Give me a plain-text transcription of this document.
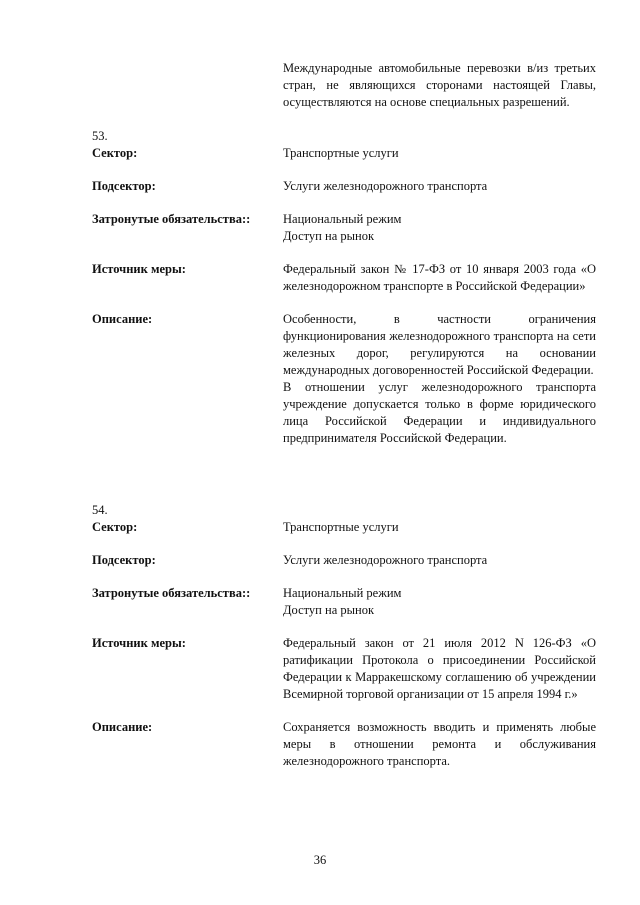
Международные автомобильные перевозки в/из третьих стран, не являющихся сторонами настоящей Главы, осуществляются на основе специальных разрешений.
53.
Сектор:	Транспортные услуги

Подсектор:	Услуги железнодорожного транспорта

Затронутые обязательства::	Национальный режим

Доступ на рынок

Источник меры:	Федеральный закон № 17-ФЗ от 10 января 2003 года «О железнодорожном транспорте в Российской Федерации»

Описание:	Особенности, в частности ограничения функционирования железнодорожного транспорта на сети железных дорог, регулируются на основании международных договоренностей Российской Федерации.

В отношении услуг железнодорожного транспорта учреждение допускается только в форме юридического лица Российской Федерации и индивидуального предпринимателя Российской Федерации.

54.
Сектор:	Транспортные услуги

Подсектор:	Услуги железнодорожного транспорта

Затронутые обязательства::	Национальный режим

Доступ на рынок

Источник меры:	Федеральный закон от 21 июля 2012 N 126-ФЗ «О ратификации Протокола о присоединении Российской Федерации к Марракешскому соглашению об учреждении Всемирной торговой организации от 15 апреля 1994 г.»

Описание:	Сохраняется возможность вводить и применять любые меры в отношении ремонта и обслуживания железнодорожного транспорта.

36
